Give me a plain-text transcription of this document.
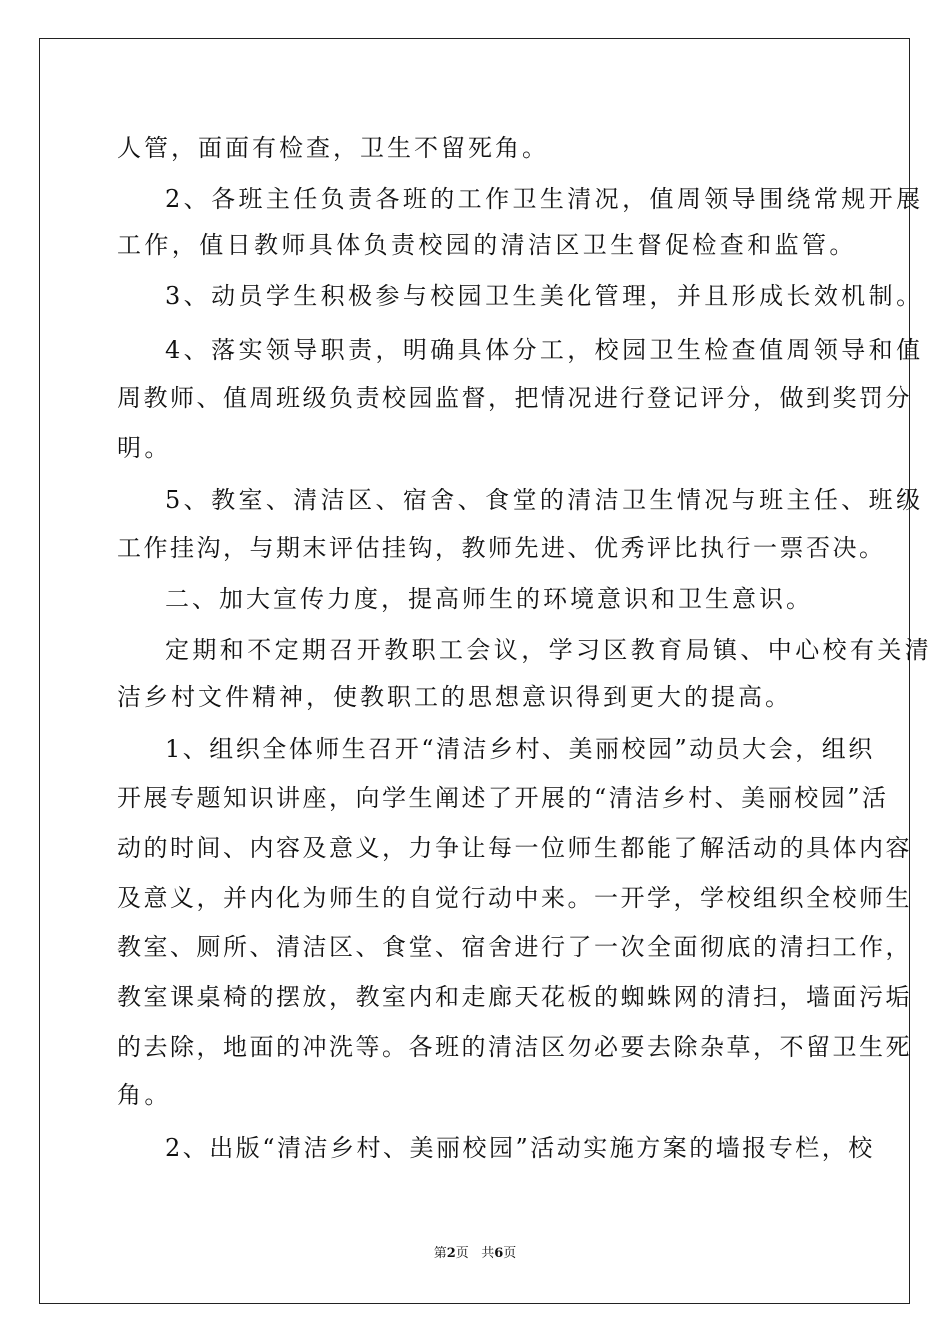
人管，面面有检查，卫生不留死角。

2、各班主任负责各班的工作卫生清况，值周领导围绕常规开展

工作，值日教师具体负责校园的清洁区卫生督促检查和监管。

3、动员学生积极参与校园卫生美化管理，并且形成长效机制。

4、落实领导职责，明确具体分工，校园卫生检查值周领导和值

周教师、值周班级负责校园监督，把情况进行登记评分，做到奖罚分

明。

5、教室、清洁区、宿舍、食堂的清洁卫生情况与班主任、班级

工作挂沟，与期末评估挂钩，教师先进、优秀评比执行一票否决。

二、加大宣传力度，提高师生的环境意识和卫生意识。

定期和不定期召开教职工会议，学习区教育局镇、中心校有关清

洁乡村文件精神，使教职工的思想意识得到更大的提高。

1、组织全体师生召开“清洁乡村、美丽校园”动员大会，组织

开展专题知识讲座，向学生阐述了开展的“清洁乡村、美丽校园”活

动的时间、内容及意义，力争让每一位师生都能了解活动的具体内容

及意义，并内化为师生的自觉行动中来。一开学，学校组织全校师生

教室、厕所、清洁区、食堂、宿舍进行了一次全面彻底的清扫工作，

教室课桌椅的摆放，教室内和走廊天花板的蜘蛛网的清扫，墙面污垢

的去除，地面的冲洗等。各班的清洁区勿必要去除杂草，不留卫生死

角。

2、出版“清洁乡村、美丽校园”活动实施方案的墙报专栏，校

第2页 共6页
